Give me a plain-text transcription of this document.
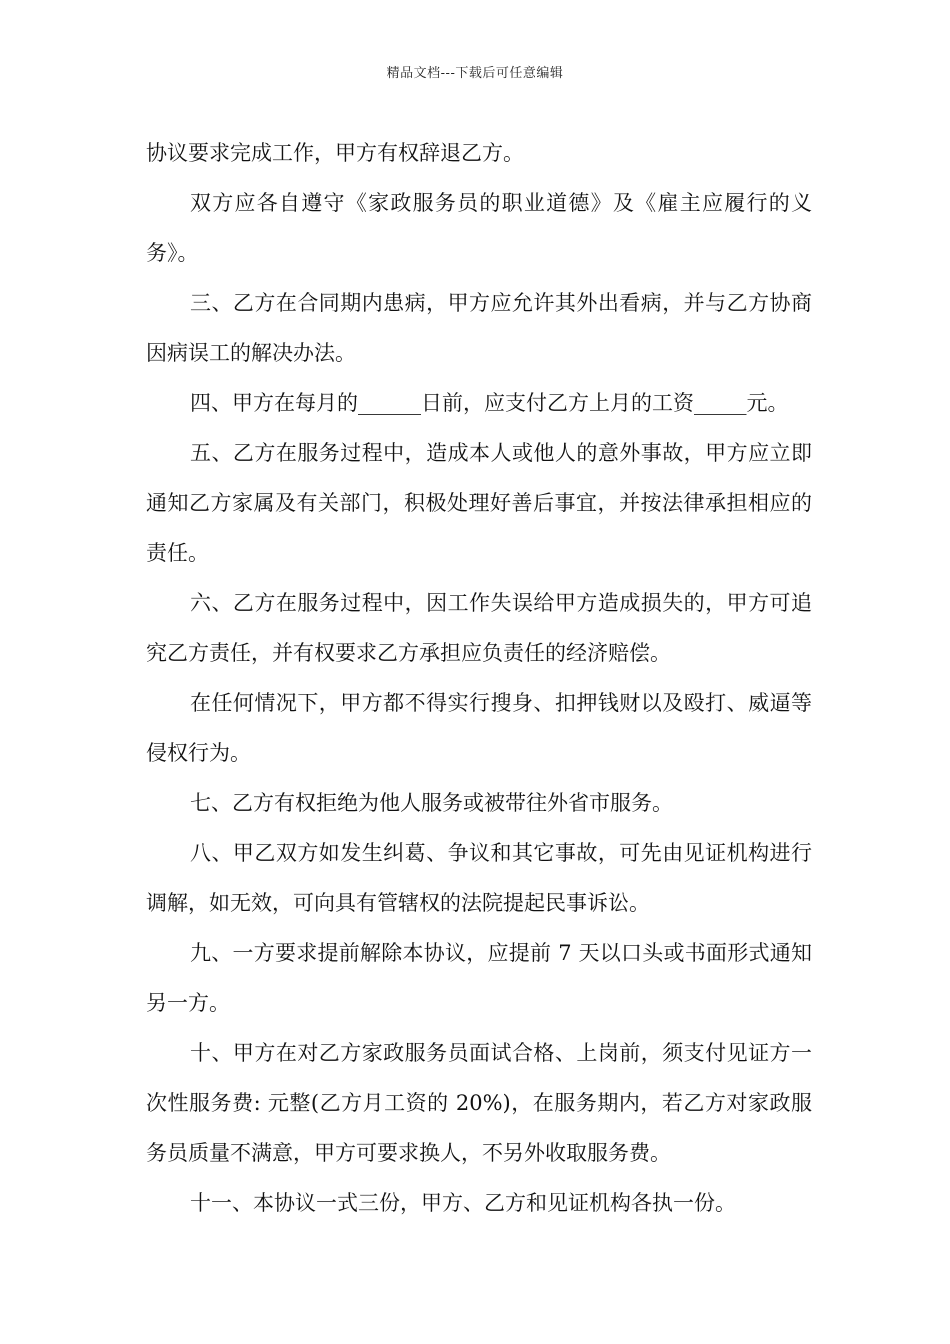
精品文档---下载后可任意编辑

协议要求完成工作，甲方有权辞退乙方。

双方应各自遵守《家政服务员的职业道德》及《雇主应履行的义务》。

三、乙方在合同期内患病，甲方应允许其外出看病，并与乙方协商因病误工的解决办法。

四、甲方在每月的______日前，应支付乙方上月的工资_____元。

五、乙方在服务过程中，造成本人或他人的意外事故，甲方应立即通知乙方家属及有关部门，积极处理好善后事宜，并按法律承担相应的责任。

六、乙方在服务过程中，因工作失误给甲方造成损失的，甲方可追究乙方责任，并有权要求乙方承担应负责任的经济赔偿。

在任何情况下，甲方都不得实行搜身、扣押钱财以及殴打、威逼等侵权行为。

七、乙方有权拒绝为他人服务或被带往外省市服务。

八、甲乙双方如发生纠葛、争议和其它事故，可先由见证机构进行调解，如无效，可向具有管辖权的法院提起民事诉讼。

九、一方要求提前解除本协议，应提前 7 天以口头或书面形式通知另一方。

十、甲方在对乙方家政服务员面试合格、上岗前，须支付见证方一次性服务费: 元整(乙方月工资的 20%)，在服务期内，若乙方对家政服务员质量不满意，甲方可要求换人，不另外收取服务费。

十一、本协议一式三份，甲方、乙方和见证机构各执一份。
